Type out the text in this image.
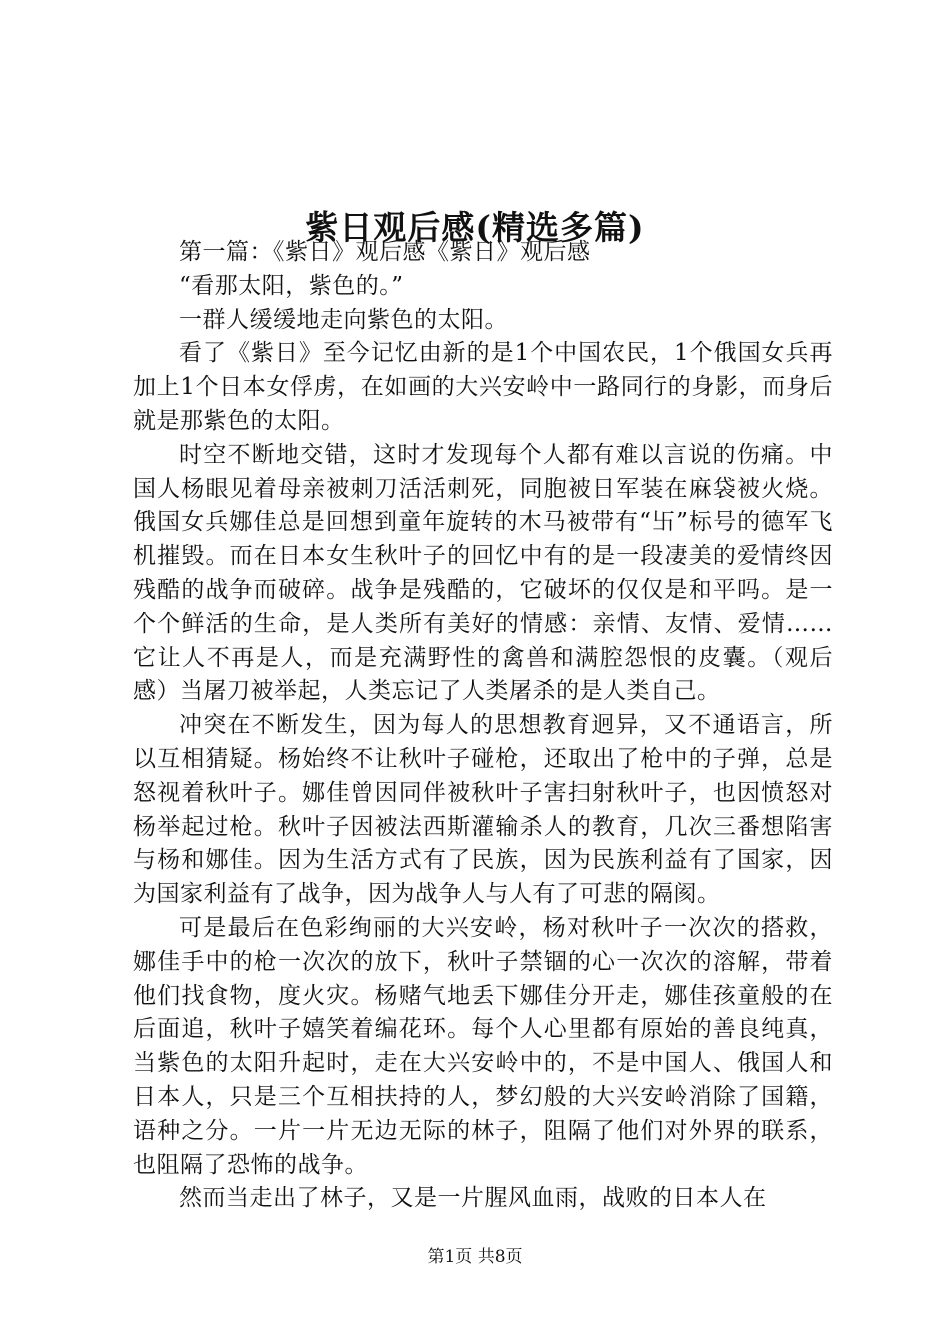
紫日观后感(精选多篇)

第一篇：《紫日》观后感《紫日》观后感

“看那太阳，紫色的。”

一群人缓缓地走向紫色的太阳。

看了《紫日》至今记忆由新的是1个中国农民，1个俄国女兵再加上1个日本女俘虏，在如画的大兴安岭中一路同行的身影，而身后就是那紫色的太阳。

时空不断地交错，这时才发现每个人都有难以言说的伤痛。中国人杨眼见着母亲被刺刀活活刺死，同胞被日军装在麻袋被火烧。俄国女兵娜佳总是回想到童年旋转的木马被带有“卐”标号的德军飞机摧毁。而在日本女生秋叶子的回忆中有的是一段凄美的爱情终因残酷的战争而破碎。战争是残酷的，它破坏的仅仅是和平吗。是一个个鲜活的生命，是人类所有美好的情感：亲情、友情、爱情……它让人不再是人，而是充满野性的禽兽和满腔怨恨的皮囊。（观后感）当屠刀被举起，人类忘记了人类屠杀的是人类自己。

冲突在不断发生，因为每人的思想教育迥异，又不通语言，所以互相猜疑。杨始终不让秋叶子碰枪，还取出了枪中的子弹，总是怒视着秋叶子。娜佳曾因同伴被秋叶子害扫射秋叶子，也因愤怒对杨举起过枪。秋叶子因被法西斯灌输杀人的教育，几次三番想陷害与杨和娜佳。因为生活方式有了民族，因为民族利益有了国家，因为国家利益有了战争，因为战争人与人有了可悲的隔阂。

可是最后在色彩绚丽的大兴安岭，杨对秋叶子一次次的搭救，娜佳手中的枪一次次的放下，秋叶子禁锢的心一次次的溶解，带着他们找食物，度火灾。杨赌气地丢下娜佳分开走，娜佳孩童般的在后面追，秋叶子嬉笑着编花环。每个人心里都有原始的善良纯真，当紫色的太阳升起时，走在大兴安岭中的，不是中国人、俄国人和日本人，只是三个互相扶持的人，梦幻般的大兴安岭消除了国籍，语种之分。一片一片无边无际的林子，阻隔了他们对外界的联系，也阻隔了恐怖的战争。

然而当走出了林子，又是一片腥风血雨，战败的日本人在

第1页 共8页
